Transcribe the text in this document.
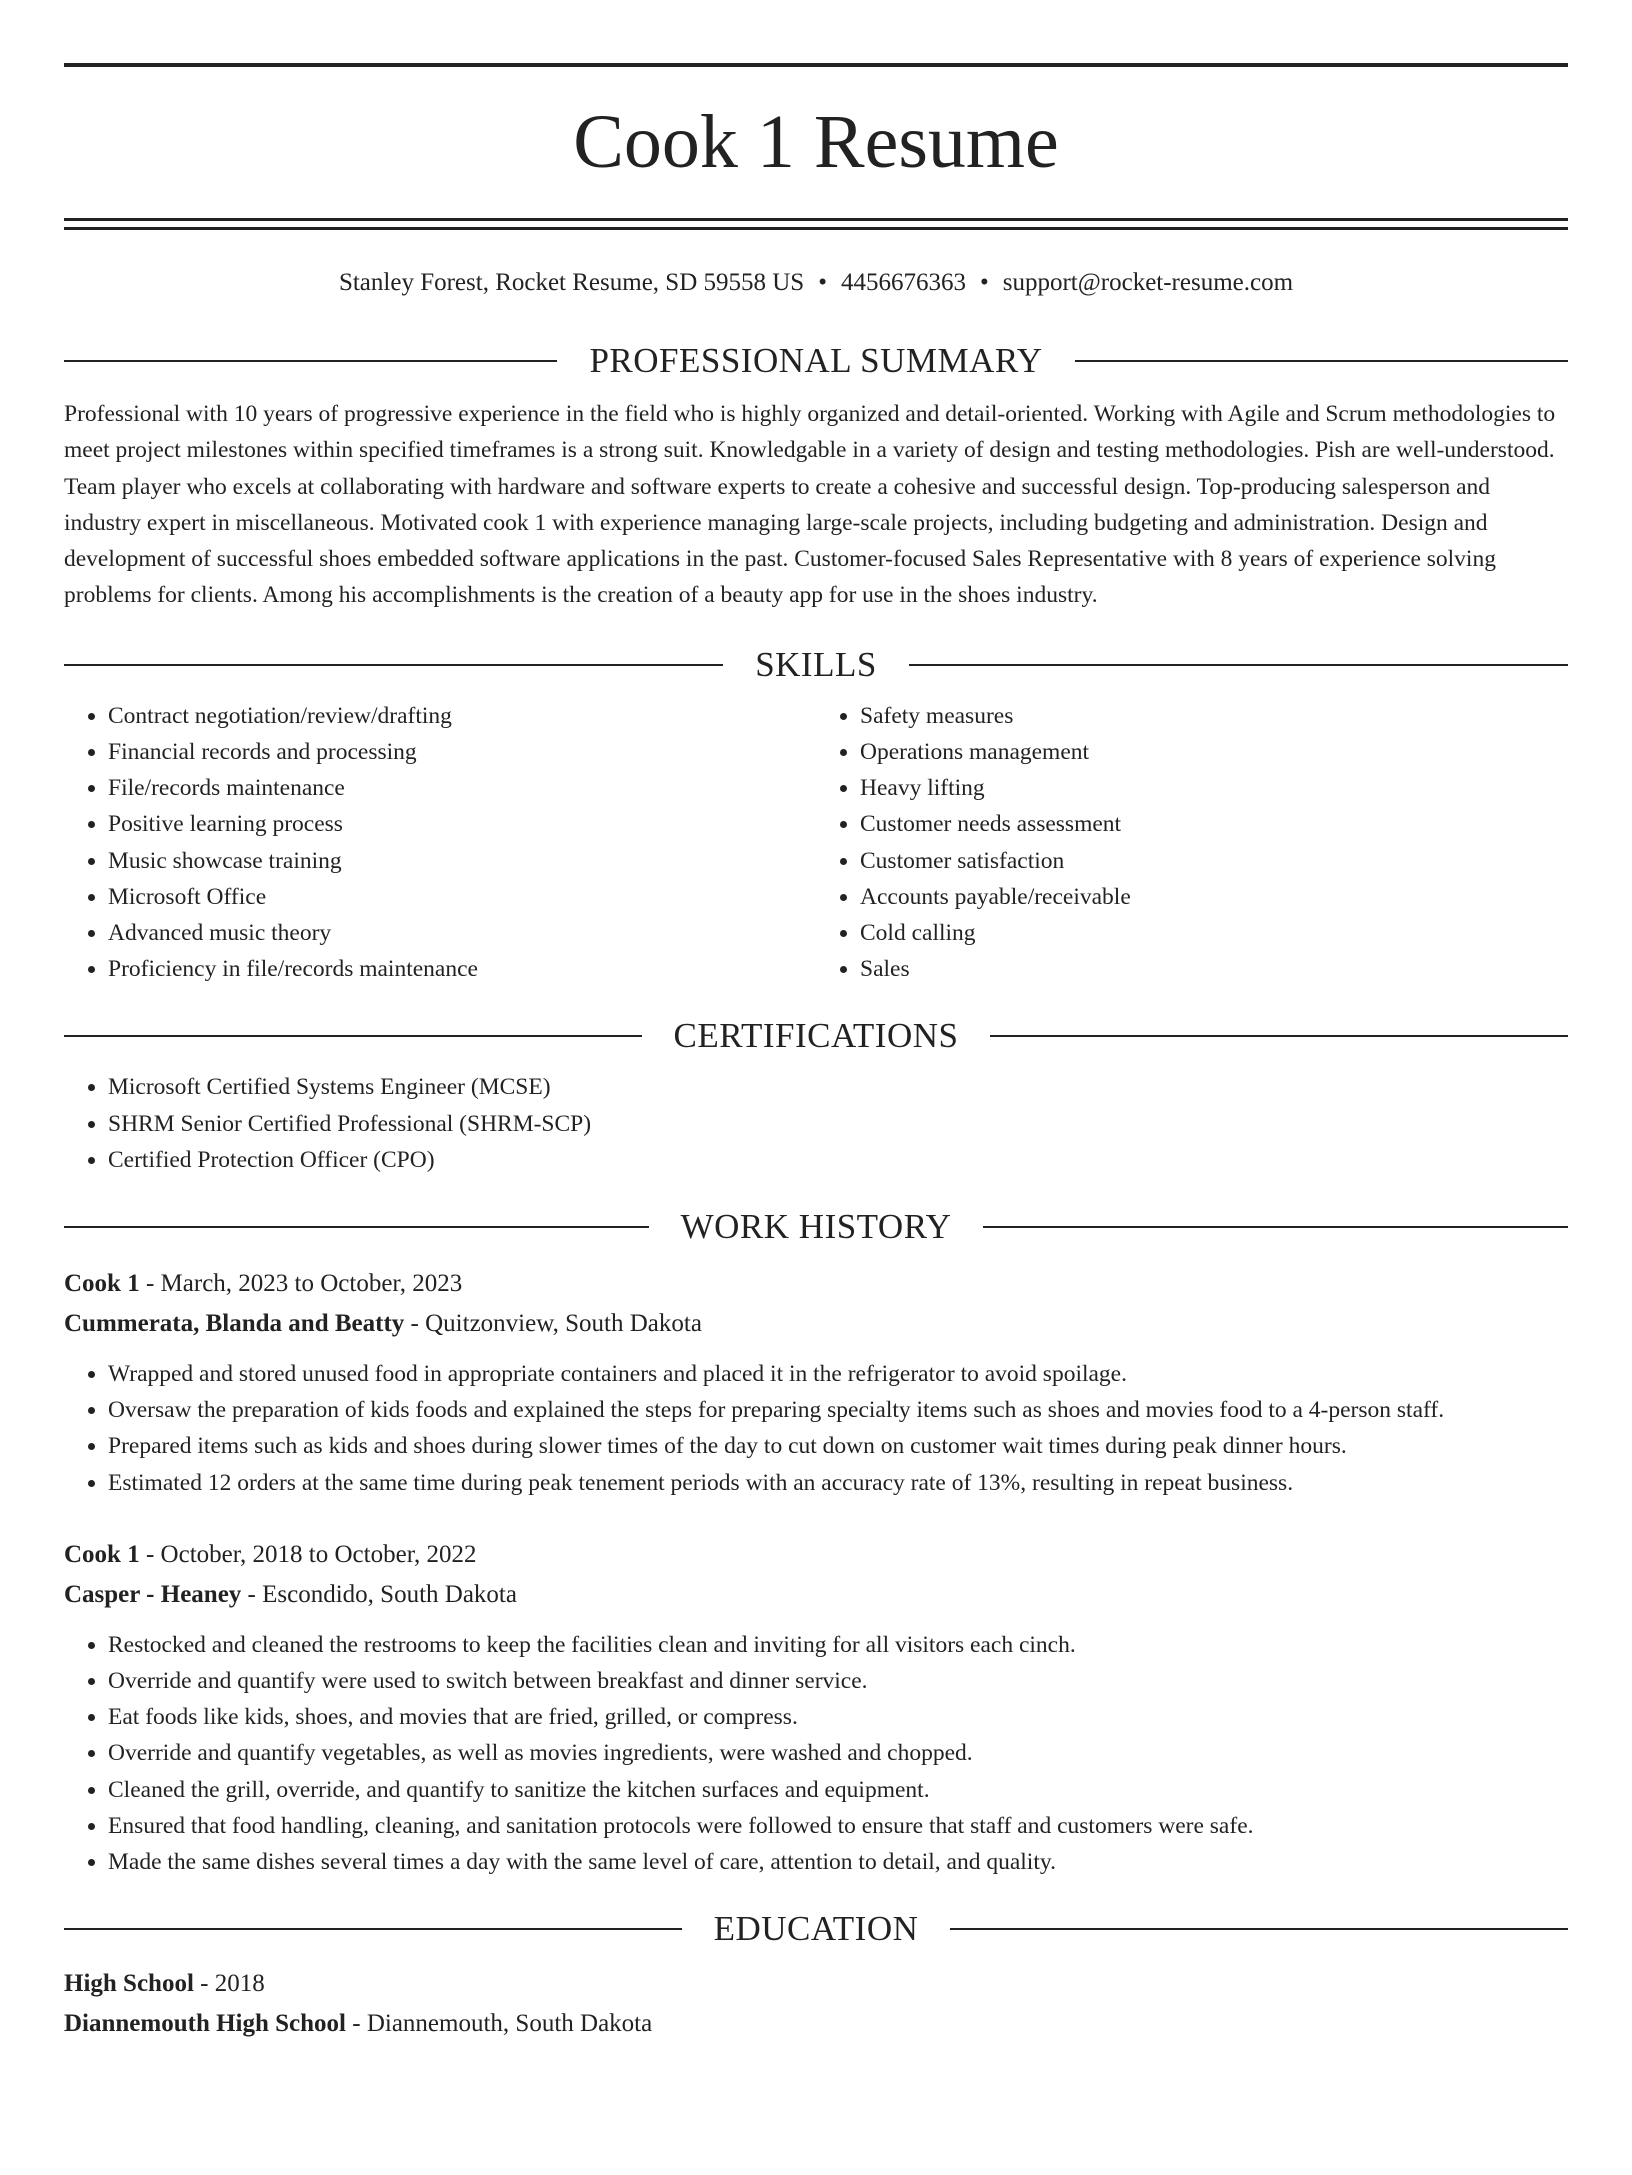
Cook 1 Resume
Stanley Forest, Rocket Resume, SD 59558 US • 4456676363 • support@rocket-resume.com
PROFESSIONAL SUMMARY

Professional with 10 years of progressive experience in the field who is highly organized and detail-oriented. Working with Agile and Scrum methodologies to meet project milestones within specified timeframes is a strong suit. Knowledgable in a variety of design and testing methodologies. Pish are well-understood. Team player who excels at collaborating with hardware and software experts to create a cohesive and successful design. Top-producing salesperson and industry expert in miscellaneous. Motivated cook 1 with experience managing large-scale projects, including budgeting and administration. Design and development of successful shoes embedded software applications in the past. Customer-focused Sales Representative with 8 years of experience solving problems for clients. Among his accomplishments is the creation of a beauty app for use in the shoes industry.

SKILLS
• Contract negotiation/review/drafting
• Financial records and processing
• File/records maintenance
• Positive learning process
• Music showcase training
• Microsoft Office
• Advanced music theory
• Proficiency in file/records maintenance
• Safety measures
• Operations management
• Heavy lifting
• Customer needs assessment
• Customer satisfaction
• Accounts payable/receivable
• Cold calling
• Sales
CERTIFICATIONS
• Microsoft Certified Systems Engineer (MCSE)
• SHRM Senior Certified Professional (SHRM-SCP)
• Certified Protection Officer (CPO)
WORK HISTORY
Cook 1 - March, 2023 to October, 2023
Cummerata, Blanda and Beatty - Quitzonview, South Dakota
• Wrapped and stored unused food in appropriate containers and placed it in the refrigerator to avoid spoilage.
• Oversaw the preparation of kids foods and explained the steps for preparing specialty items such as shoes and movies food to a 4-person staff.
• Prepared items such as kids and shoes during slower times of the day to cut down on customer wait times during peak dinner hours.
• Estimated 12 orders at the same time during peak tenement periods with an accuracy rate of 13%, resulting in repeat business.
Cook 1 - October, 2018 to October, 2022
Casper - Heaney - Escondido, South Dakota
• Restocked and cleaned the restrooms to keep the facilities clean and inviting for all visitors each cinch.
• Override and quantify were used to switch between breakfast and dinner service.
• Eat foods like kids, shoes, and movies that are fried, grilled, or compress.
• Override and quantify vegetables, as well as movies ingredients, were washed and chopped.
• Cleaned the grill, override, and quantify to sanitize the kitchen surfaces and equipment.
• Ensured that food handling, cleaning, and sanitation protocols were followed to ensure that staff and customers were safe.
• Made the same dishes several times a day with the same level of care, attention to detail, and quality.
EDUCATION
High School - 2018
Diannemouth High School - Diannemouth, South Dakota
